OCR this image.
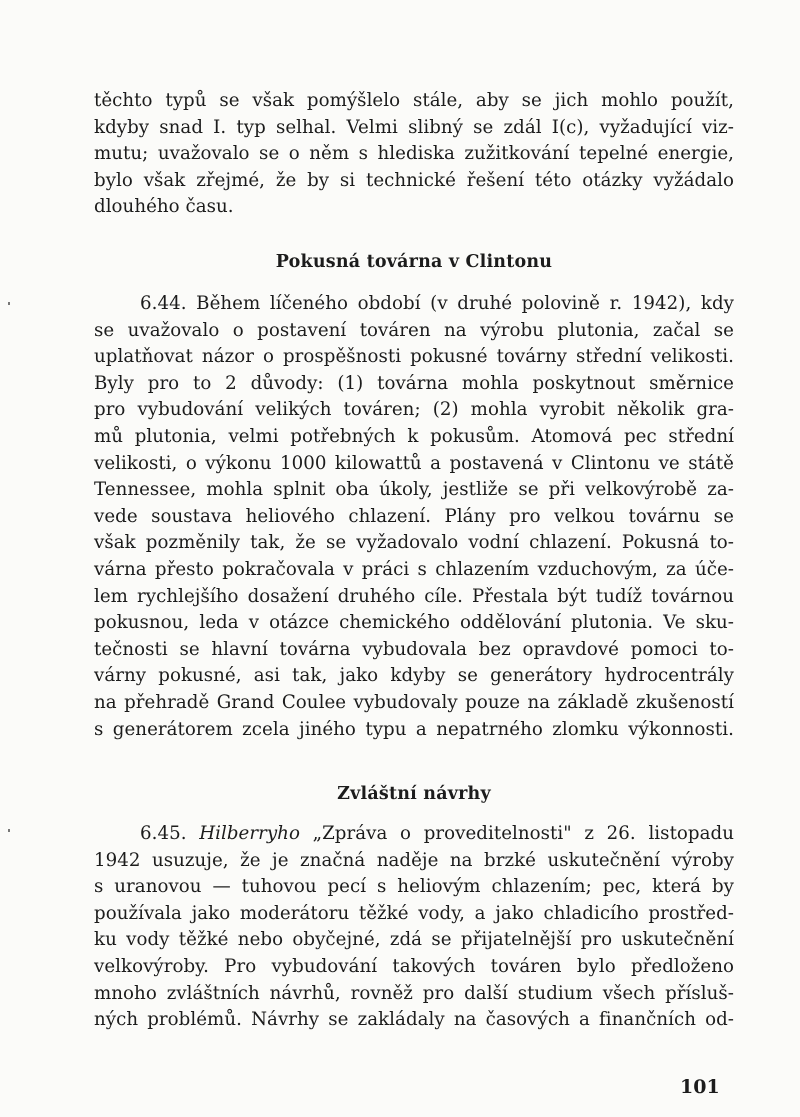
těchto typů se však pomýšlelo stále, aby se jich mohlo použít,
kdyby snad I. typ selhal. Velmi slibný se zdál I(c), vyžadující viz-
mutu; uvažovalo se o něm s hlediska zužitkování tepelné energie,
bylo však zřejmé, že by si technické řešení této otázky vyžádalo
dlouhého času.
Pokusná továrna v Clintonu
6.44. Během líčeného období (v druhé polovině r. 1942), kdy
se uvažovalo o postavení továren na výrobu plutonia, začal se
uplatňovat názor o prospěšnosti pokusné továrny střední velikosti.
Byly pro to 2 důvody: (1) továrna mohla poskytnout směrnice
pro vybudování velikých továren; (2) mohla vyrobit několik gra-
mů plutonia, velmi potřebných k pokusům. Atomová pec střední
velikosti, o výkonu 1000 kilowattů a postavená v Clintonu ve státě
Tennessee, mohla splnit oba úkoly, jestliže se při velkovýrobě za-
vede soustava heliového chlazení. Plány pro velkou továrnu se
však pozměnily tak, že se vyžadovalo vodní chlazení. Pokusná to-
várna přesto pokračovala v práci s chlazením vzduchovým, za úče-
lem rychlejšího dosažení druhého cíle. Přestala být tudíž továrnou
pokusnou, leda v otázce chemického oddělování plutonia. Ve sku-
tečnosti se hlavní továrna vybudovala bez opravdové pomoci to-
várny pokusné, asi tak, jako kdyby se generátory hydrocentrály
na přehradě Grand Coulee vybudovaly pouze na základě zkušeností
s generátorem zcela jiného typu a nepatrného zlomku výkonnosti.
Zvláštní návrhy
6.45. Hilberryho „Zpráva o proveditelnosti" z 26. listopadu
1942 usuzuje, že je značná naděje na brzké uskutečnění výroby
s uranovou — tuhovou pecí s heliovým chlazením; pec, která by
používala jako moderátoru těžké vody, a jako chladicího prostřed-
ku vody těžké nebo obyčejné, zdá se přijatelnější pro uskutečnění
velkovýroby. Pro vybudování takových továren bylo předloženo
mnoho zvláštních návrhů, rovněž pro další studium všech přísluš-
ných problémů. Návrhy se zakládaly na časových a finančních od-
101
